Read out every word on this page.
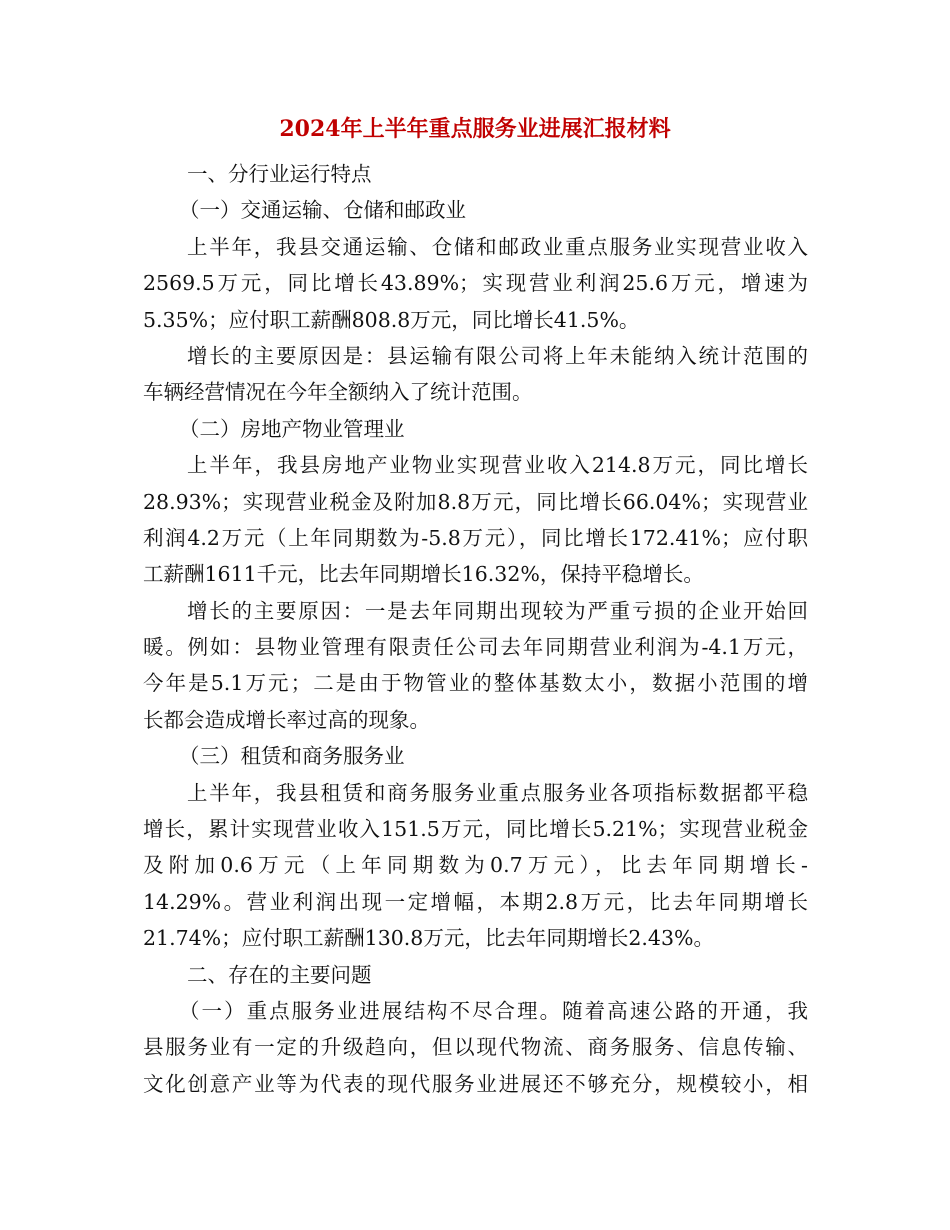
2024年上半年重点服务业进展汇报材料
一、分行业运行特点
（一）交通运输、仓储和邮政业
上半年，我县交通运输、仓储和邮政业重点服务业实现营业收入
2569.5万元，同比增长43.89%；实现营业利润25.6万元，增速为
5.35%；应付职工薪酬808.8万元，同比增长41.5%。
增长的主要原因是：县运输有限公司将上年未能纳入统计范围的
车辆经营情况在今年全额纳入了统计范围。
（二）房地产物业管理业
上半年，我县房地产业物业实现营业收入214.8万元，同比增长
28.93%；实现营业税金及附加8.8万元，同比增长66.04%；实现营业
利润4.2万元（上年同期数为-5.8万元），同比增长172.41%；应付职
工薪酬1611千元，比去年同期增长16.32%，保持平稳增长。
增长的主要原因：一是去年同期出现较为严重亏损的企业开始回
暖。例如：县物业管理有限责任公司去年同期营业利润为-4.1万元，
今年是5.1万元；二是由于物管业的整体基数太小，数据小范围的增
长都会造成增长率过高的现象。
（三）租赁和商务服务业
上半年，我县租赁和商务服务业重点服务业各项指标数据都平稳
增长，累计实现营业收入151.5万元，同比增长5.21%；实现营业税金
及附加0.6万元（上年同期数为0.7万元），比去年同期增长-
14.29%。营业利润出现一定增幅，本期2.8万元，比去年同期增长
21.74%；应付职工薪酬130.8万元，比去年同期增长2.43%。
二、存在的主要问题
（一）重点服务业进展结构不尽合理。随着高速公路的开通，我
县服务业有一定的升级趋向，但以现代物流、商务服务、信息传输、
文化创意产业等为代表的现代服务业进展还不够充分，规模较小，相
